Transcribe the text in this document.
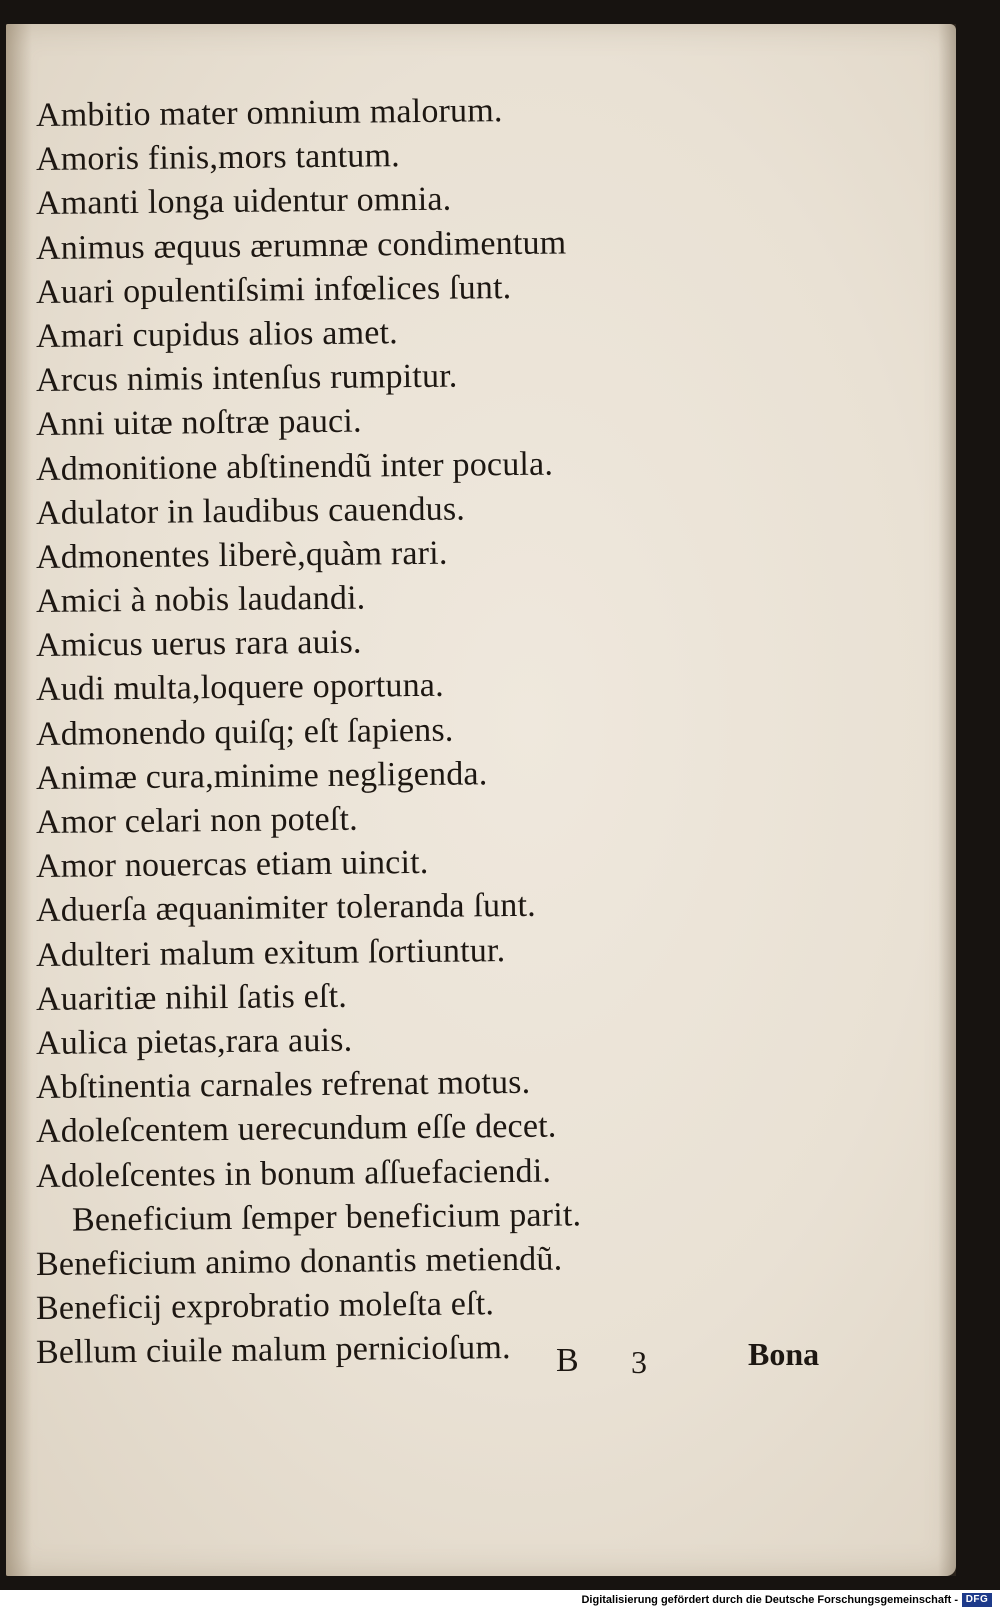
Ambitio mater omnium malorum.
Amoris finis,mors tantum.
Amanti longa uidentur omnia.
Animus æquus ærumnæ condimentum
Auari opulentiſsimi infœlices ſunt.
Amari cupidus alios amet.
Arcus nimis intenſus rumpitur.
Anni uitæ noſtræ pauci.
Admonitione abſtinendũ inter pocula.
Adulator in laudibus cauendus.
Admonentes liberè,quàm rari.
Amici à nobis laudandi.
Amicus uerus rara auis.
Audi multa,loquere oportuna.
Admonendo quiſq; eſt ſapiens.
Animæ cura,minime negligenda.
Amor celari non poteſt.
Amor nouercas etiam uincit.
Aduerſa æquanimiter toleranda ſunt.
Adulteri malum exitum ſortiuntur.
Auaritiæ nihil ſatis eſt.
Aulica pietas,rara auis.
Abſtinentia carnales refrenat motus.
Adoleſcentem uerecundum eſſe decet.
Adoleſcentes in bonum aſſuefaciendi.
Beneficium ſemper beneficium parit.
Beneficium animo donantis metiendũ.
Beneficij exprobratio moleſta eſt.
Bellum ciuile malum pernicioſum.	B 3	Bona
Digitalisierung gefördert durch die Deutsche Forschungsgemeinschaft - DFG
